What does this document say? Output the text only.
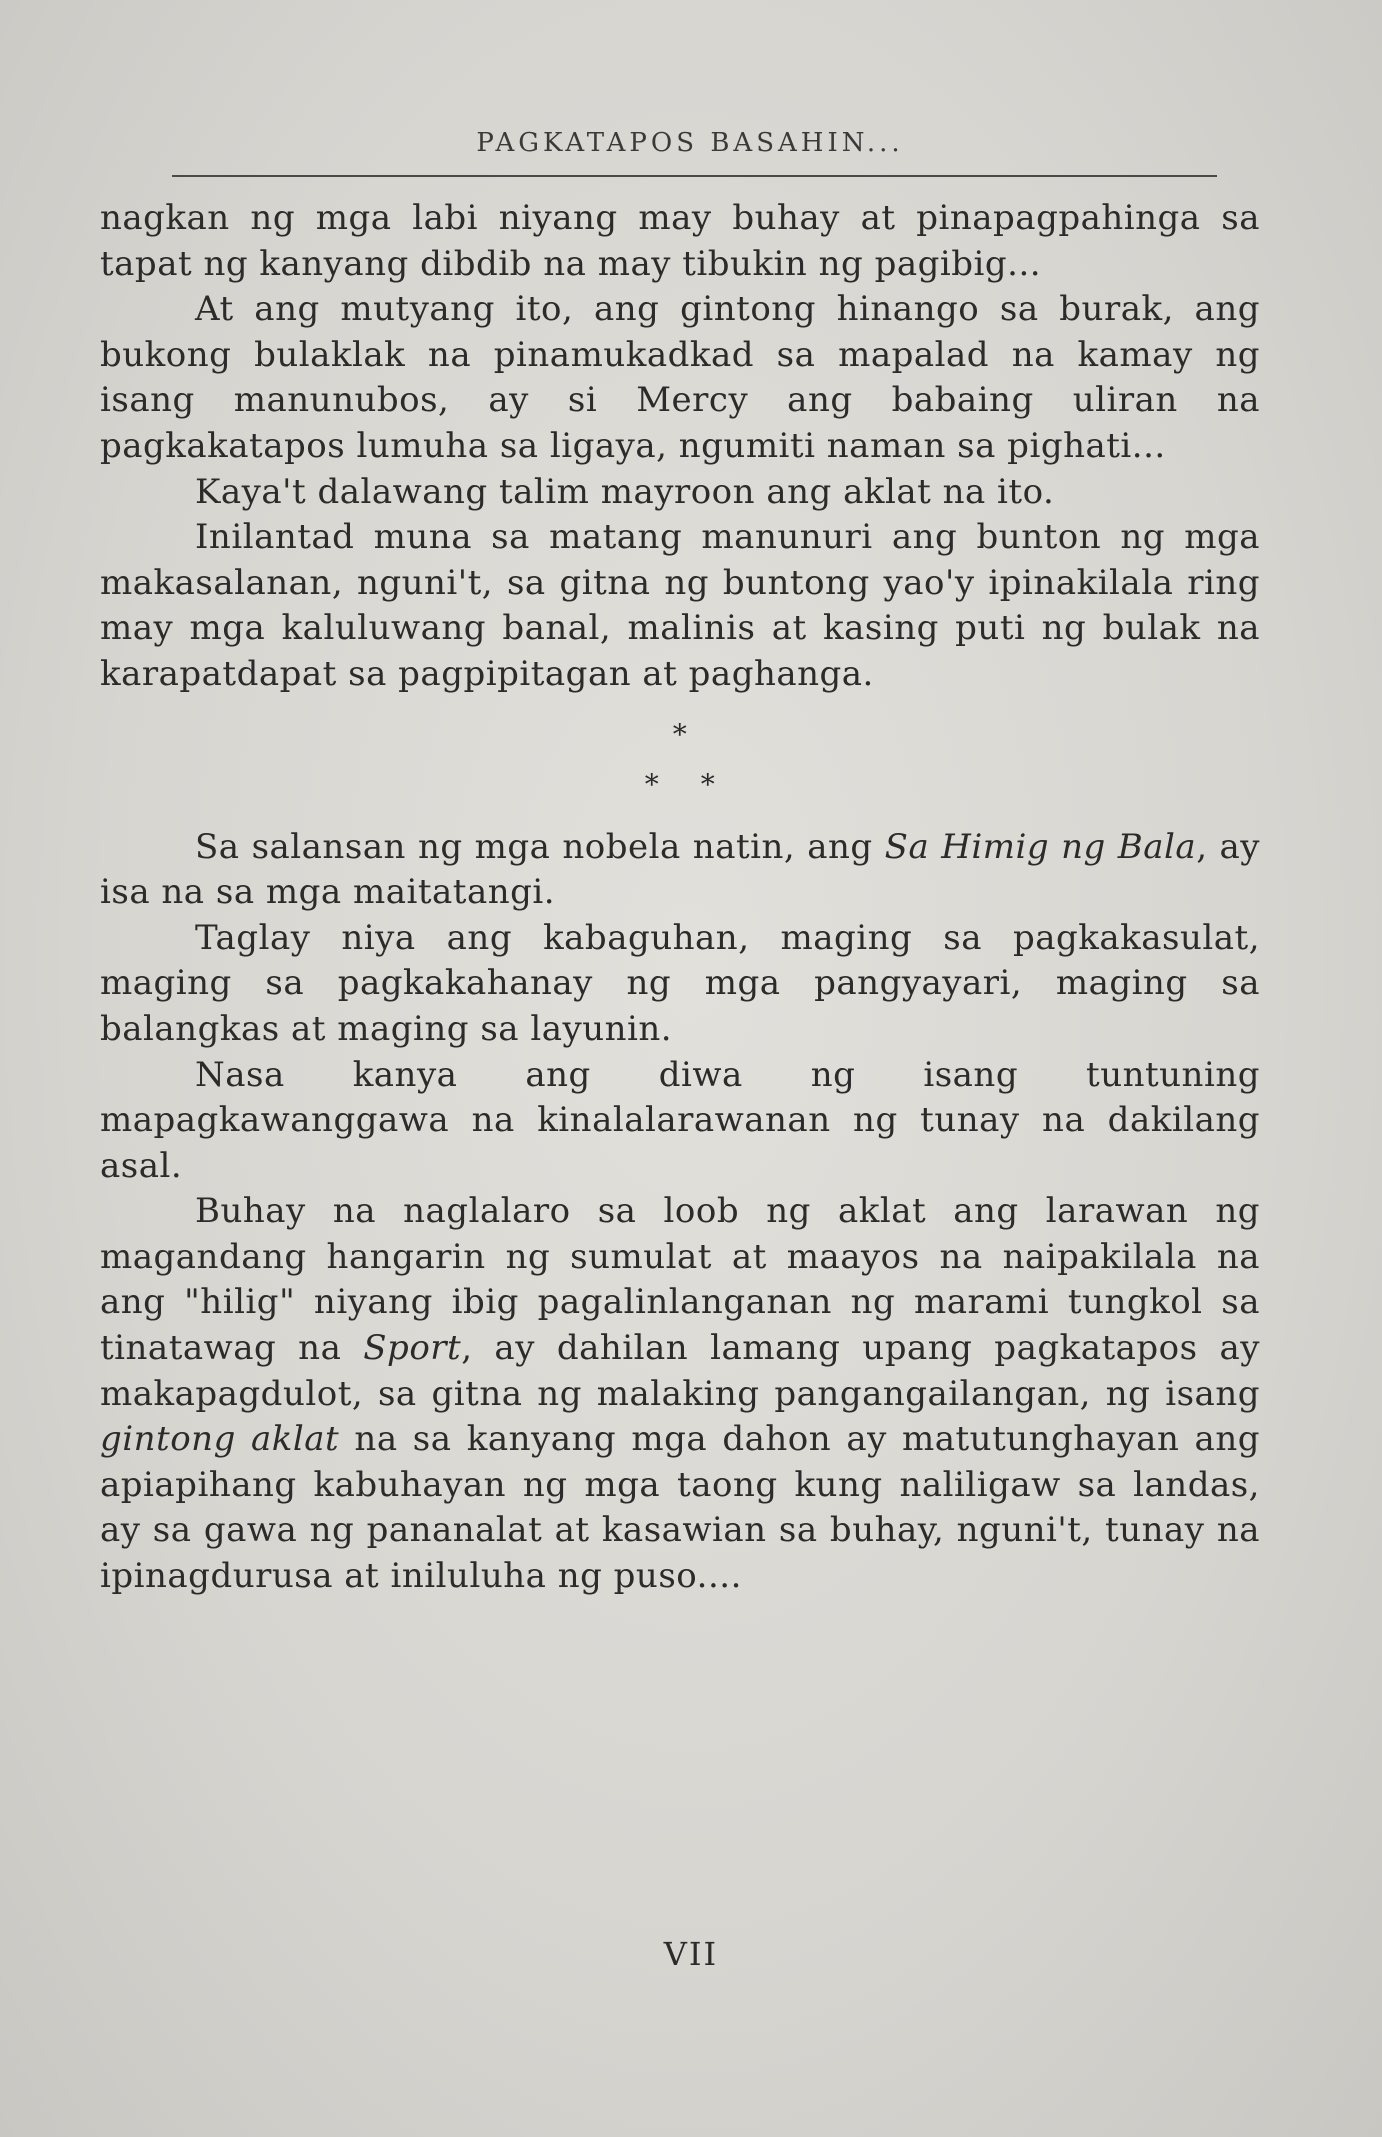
PAGKATAPOS BASAHIN...

nagkan ng mga labi niyang may buhay at pinapagpahinga sa tapat ng kanyang dibdib na may tibukin ng pagibig...

At ang mutyang ito, ang gintong hinango sa burak, ang bukong bulaklak na pinamukadkad sa mapalad na kamay ng isang manunubos, ay si Mercy ang babaing uliran na pagkakatapos lumuha sa ligaya, ngumiti naman sa pighati...

Kaya't dalawang talim mayroon ang aklat na ito.

Inilantad muna sa matang manunuri ang bunton ng mga makasalanan, nguni't, sa gitna ng buntong yao'y ipinakilala ring may mga kaluluwang banal, malinis at kasing puti ng bulak na karapatdapat sa pagpipitagan at paghanga.

*
* *

Sa salansan ng mga nobela natin, ang Sa Himig ng Bala, ay isa na sa mga maitatangi.

Taglay niya ang kabaguhan, maging sa pagkakasulat, maging sa pagkakahanay ng mga pangyayari, maging sa balangkas at maging sa layunin.

Nasa kanya ang diwa ng isang tuntuning mapagkawanggawa na kinalalarawanan ng tunay na dakilang asal.

Buhay na naglalaro sa loob ng aklat ang larawan ng magandang hangarin ng sumulat at maayos na naipakilala na ang "hilig" niyang ibig pagalinlanganan ng marami tungkol sa tinatawag na Sport, ay dahilan lamang upang pagkatapos ay makapagdulot, sa gitna ng malaking pangangailangan, ng isang gintong aklat na sa kanyang mga dahon ay matutunghayan ang apiapihang kabuhayan ng mga taong kung naliligaw sa landas, ay sa gawa ng pananalat at kasawian sa buhay, nguni't, tunay na ipinagdurusa at iniluluha ng puso....

VII
